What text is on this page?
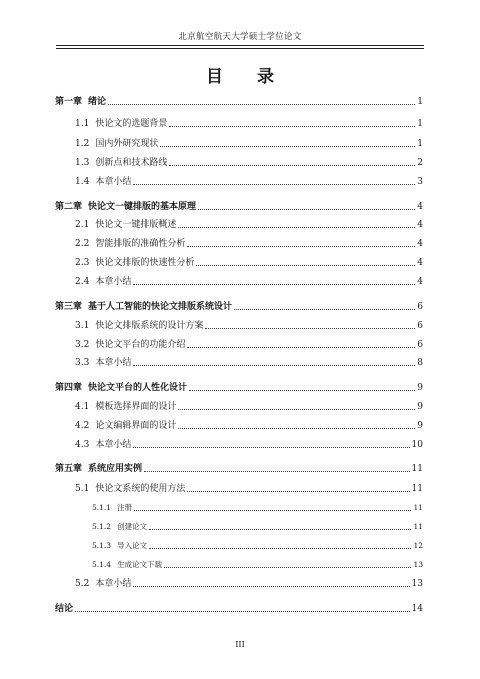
北京航空航天大学硕士学位论文
目 录
第一章 绪论	1
1.1 快论文的选题背景	1
1.2 国内外研究现状	1
1.3 创新点和技术路线	2
1.4 本章小结	3
第二章 快论文一键排版的基本原理	4
2.1 快论文一键排版概述	4
2.2 智能排版的准确性分析	4
2.3 快论文排版的快速性分析	4
2.4 本章小结	4
第三章 基于人工智能的快论文排版系统设计	6
3.1 快论文排版系统的设计方案	6
3.2 快论文平台的功能介绍	6
3.3 本章小结	8
第四章 快论文平台的人性化设计	9
4.1 模板选择界面的设计	9
4.2 论文编辑界面的设计	9
4.3 本章小结	10
第五章 系统应用实例	11
5.1 快论文系统的使用方法	11
5.1.1 注册	11
5.1.2 创建论文	11
5.1.3 导入论文	12
5.1.4 生成论文下载	13
5.2 本章小结	13
结论	14
III
